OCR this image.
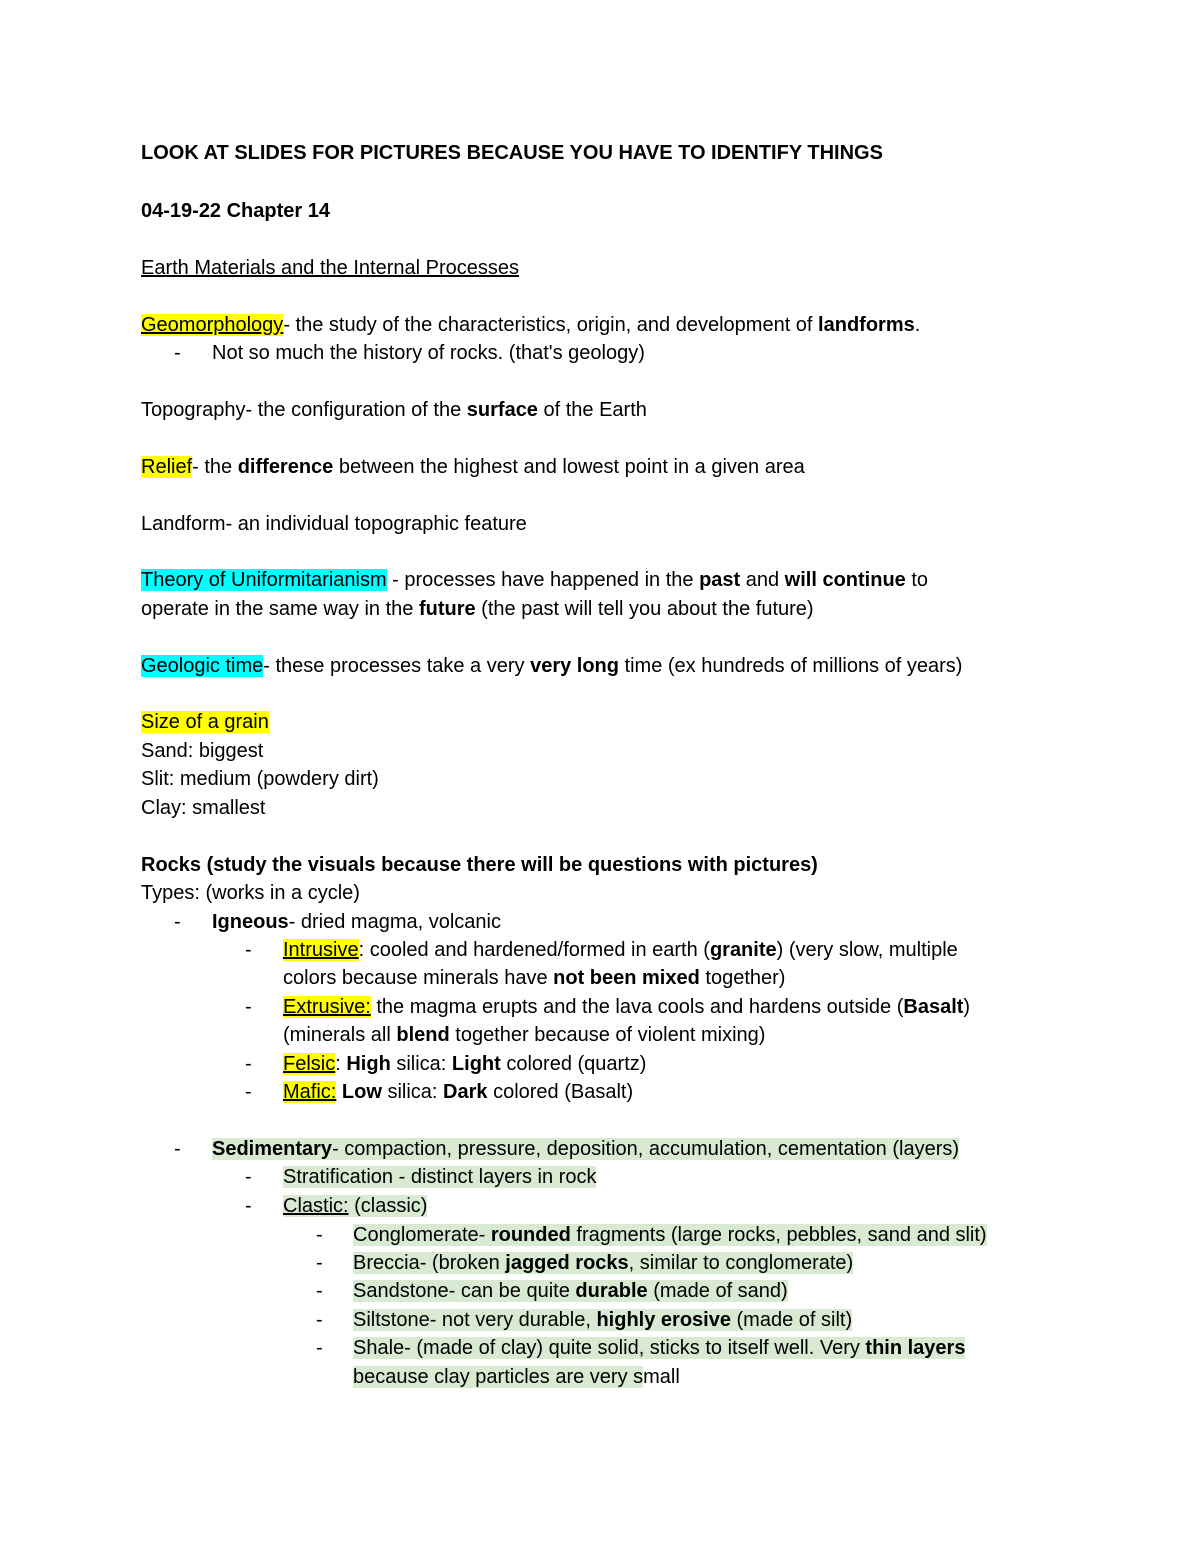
LOOK AT SLIDES FOR PICTURES BECAUSE YOU HAVE TO IDENTIFY THINGS
04-19-22 Chapter 14
Earth Materials and the Internal Processes
Geomorphology- the study of the characteristics, origin, and development of landforms.
- Not so much the history of rocks. (that's geology)
Topography- the configuration of the surface of the Earth
Relief- the difference between the highest and lowest point in a given area
Landform- an individual topographic feature
Theory of Uniformitarianism - processes have happened in the past and will continue to
operate in the same way in the future (the past will tell you about the future)
Geologic time- these processes take a very very long time (ex hundreds of millions of years)
Size of a grain
Sand: biggest
Slit: medium (powdery dirt)
Clay: smallest
Rocks (study the visuals because there will be questions with pictures)
Types: (works in a cycle)
- Igneous- dried magma, volcanic
- Intrusive: cooled and hardened/formed in earth (granite) (very slow, multiple
colors because minerals have not been mixed together)
- Extrusive: the magma erupts and the lava cools and hardens outside (Basalt)
(minerals all blend together because of violent mixing)
- Felsic: High silica: Light colored (quartz)
- Mafic: Low silica: Dark colored (Basalt)
- Sedimentary- compaction, pressure, deposition, accumulation, cementation (layers)
- Stratification - distinct layers in rock
- Clastic: (classic)
- Conglomerate- rounded fragments (large rocks, pebbles, sand and slit)
- Breccia- (broken jagged rocks, similar to conglomerate)
- Sandstone- can be quite durable (made of sand)
- Siltstone- not very durable, highly erosive (made of silt)
- Shale- (made of clay) quite solid, sticks to itself well. Very thin layers
because clay particles are very small
